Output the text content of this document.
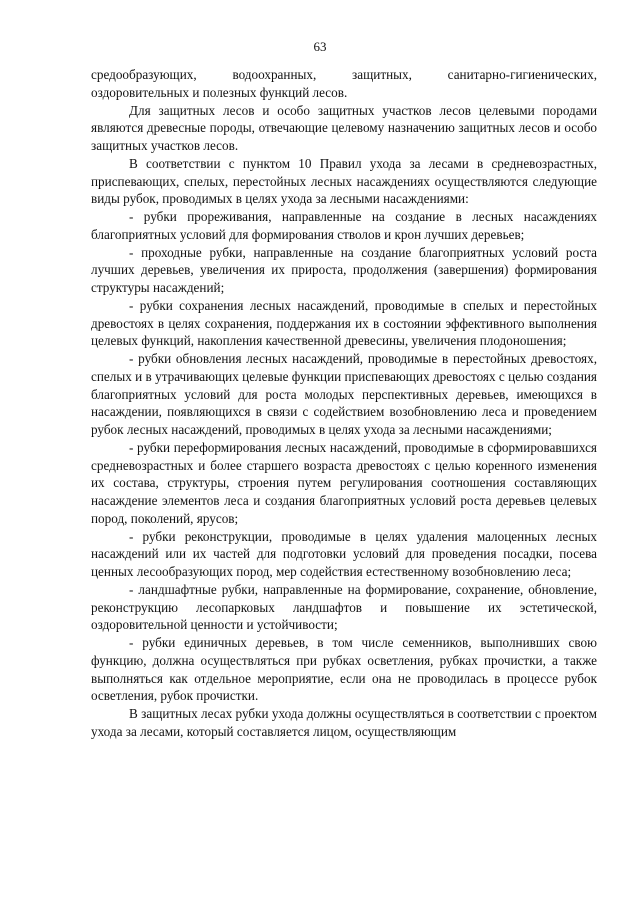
63

средообразующих, водоохранных, защитных, санитарно-гигиенических, оздоровительных и полезных функций лесов.

Для защитных лесов и особо защитных участков лесов целевыми породами являются древесные породы, отвечающие целевому назначению защитных лесов и особо защитных участков лесов.

В соответствии с пунктом 10 Правил ухода за лесами в средневозрастных, приспевающих, спелых, перестойных лесных насаждениях осуществляются следующие виды рубок, проводимых в целях ухода за лесными насаждениями:

- рубки прореживания, направленные на создание в лесных насаждениях благоприятных условий для формирования стволов и крон лучших деревьев;

- проходные рубки, направленные на создание благоприятных условий роста лучших деревьев, увеличения их прироста, продолжения (завершения) формирования структуры насаждений;

- рубки сохранения лесных насаждений, проводимые в спелых и перестойных древостоях в целях сохранения, поддержания их в состоянии эффективного выполнения целевых функций, накопления качественной древесины, увеличения плодоношения;

- рубки обновления лесных насаждений, проводимые в перестойных древостоях, спелых и в утрачивающих целевые функции приспевающих древостоях с целью создания благоприятных условий для роста молодых перспективных деревьев, имеющихся в насаждении, появляющихся в связи с содействием возобновлению леса и проведением рубок лесных насаждений, проводимых в целях ухода за лесными насаждениями;

- рубки переформирования лесных насаждений, проводимые в сформировавшихся средневозрастных и более старшего возраста древостоях с целью коренного изменения их состава, структуры, строения путем регулирования соотношения составляющих насаждение элементов леса и создания благоприятных условий роста деревьев целевых пород, поколений, ярусов;

- рубки реконструкции, проводимые в целях удаления малоценных лесных насаждений или их частей для подготовки условий для проведения посадки, посева ценных лесообразующих пород, мер содействия естественному возобновлению леса;

- ландшафтные рубки, направленные на формирование, сохранение, обновление, реконструкцию лесопарковых ландшафтов и повышение их эстетической, оздоровительной ценности и устойчивости;

- рубки единичных деревьев, в том числе семенников, выполнивших свою функцию, должна осуществляться при рубках осветления, рубках прочистки, а также выполняться как отдельное мероприятие, если она не проводилась в процессе рубок осветления, рубок прочистки.

В защитных лесах рубки ухода должны осуществляться в соответствии с проектом ухода за лесами, который составляется лицом, осуществляющим
